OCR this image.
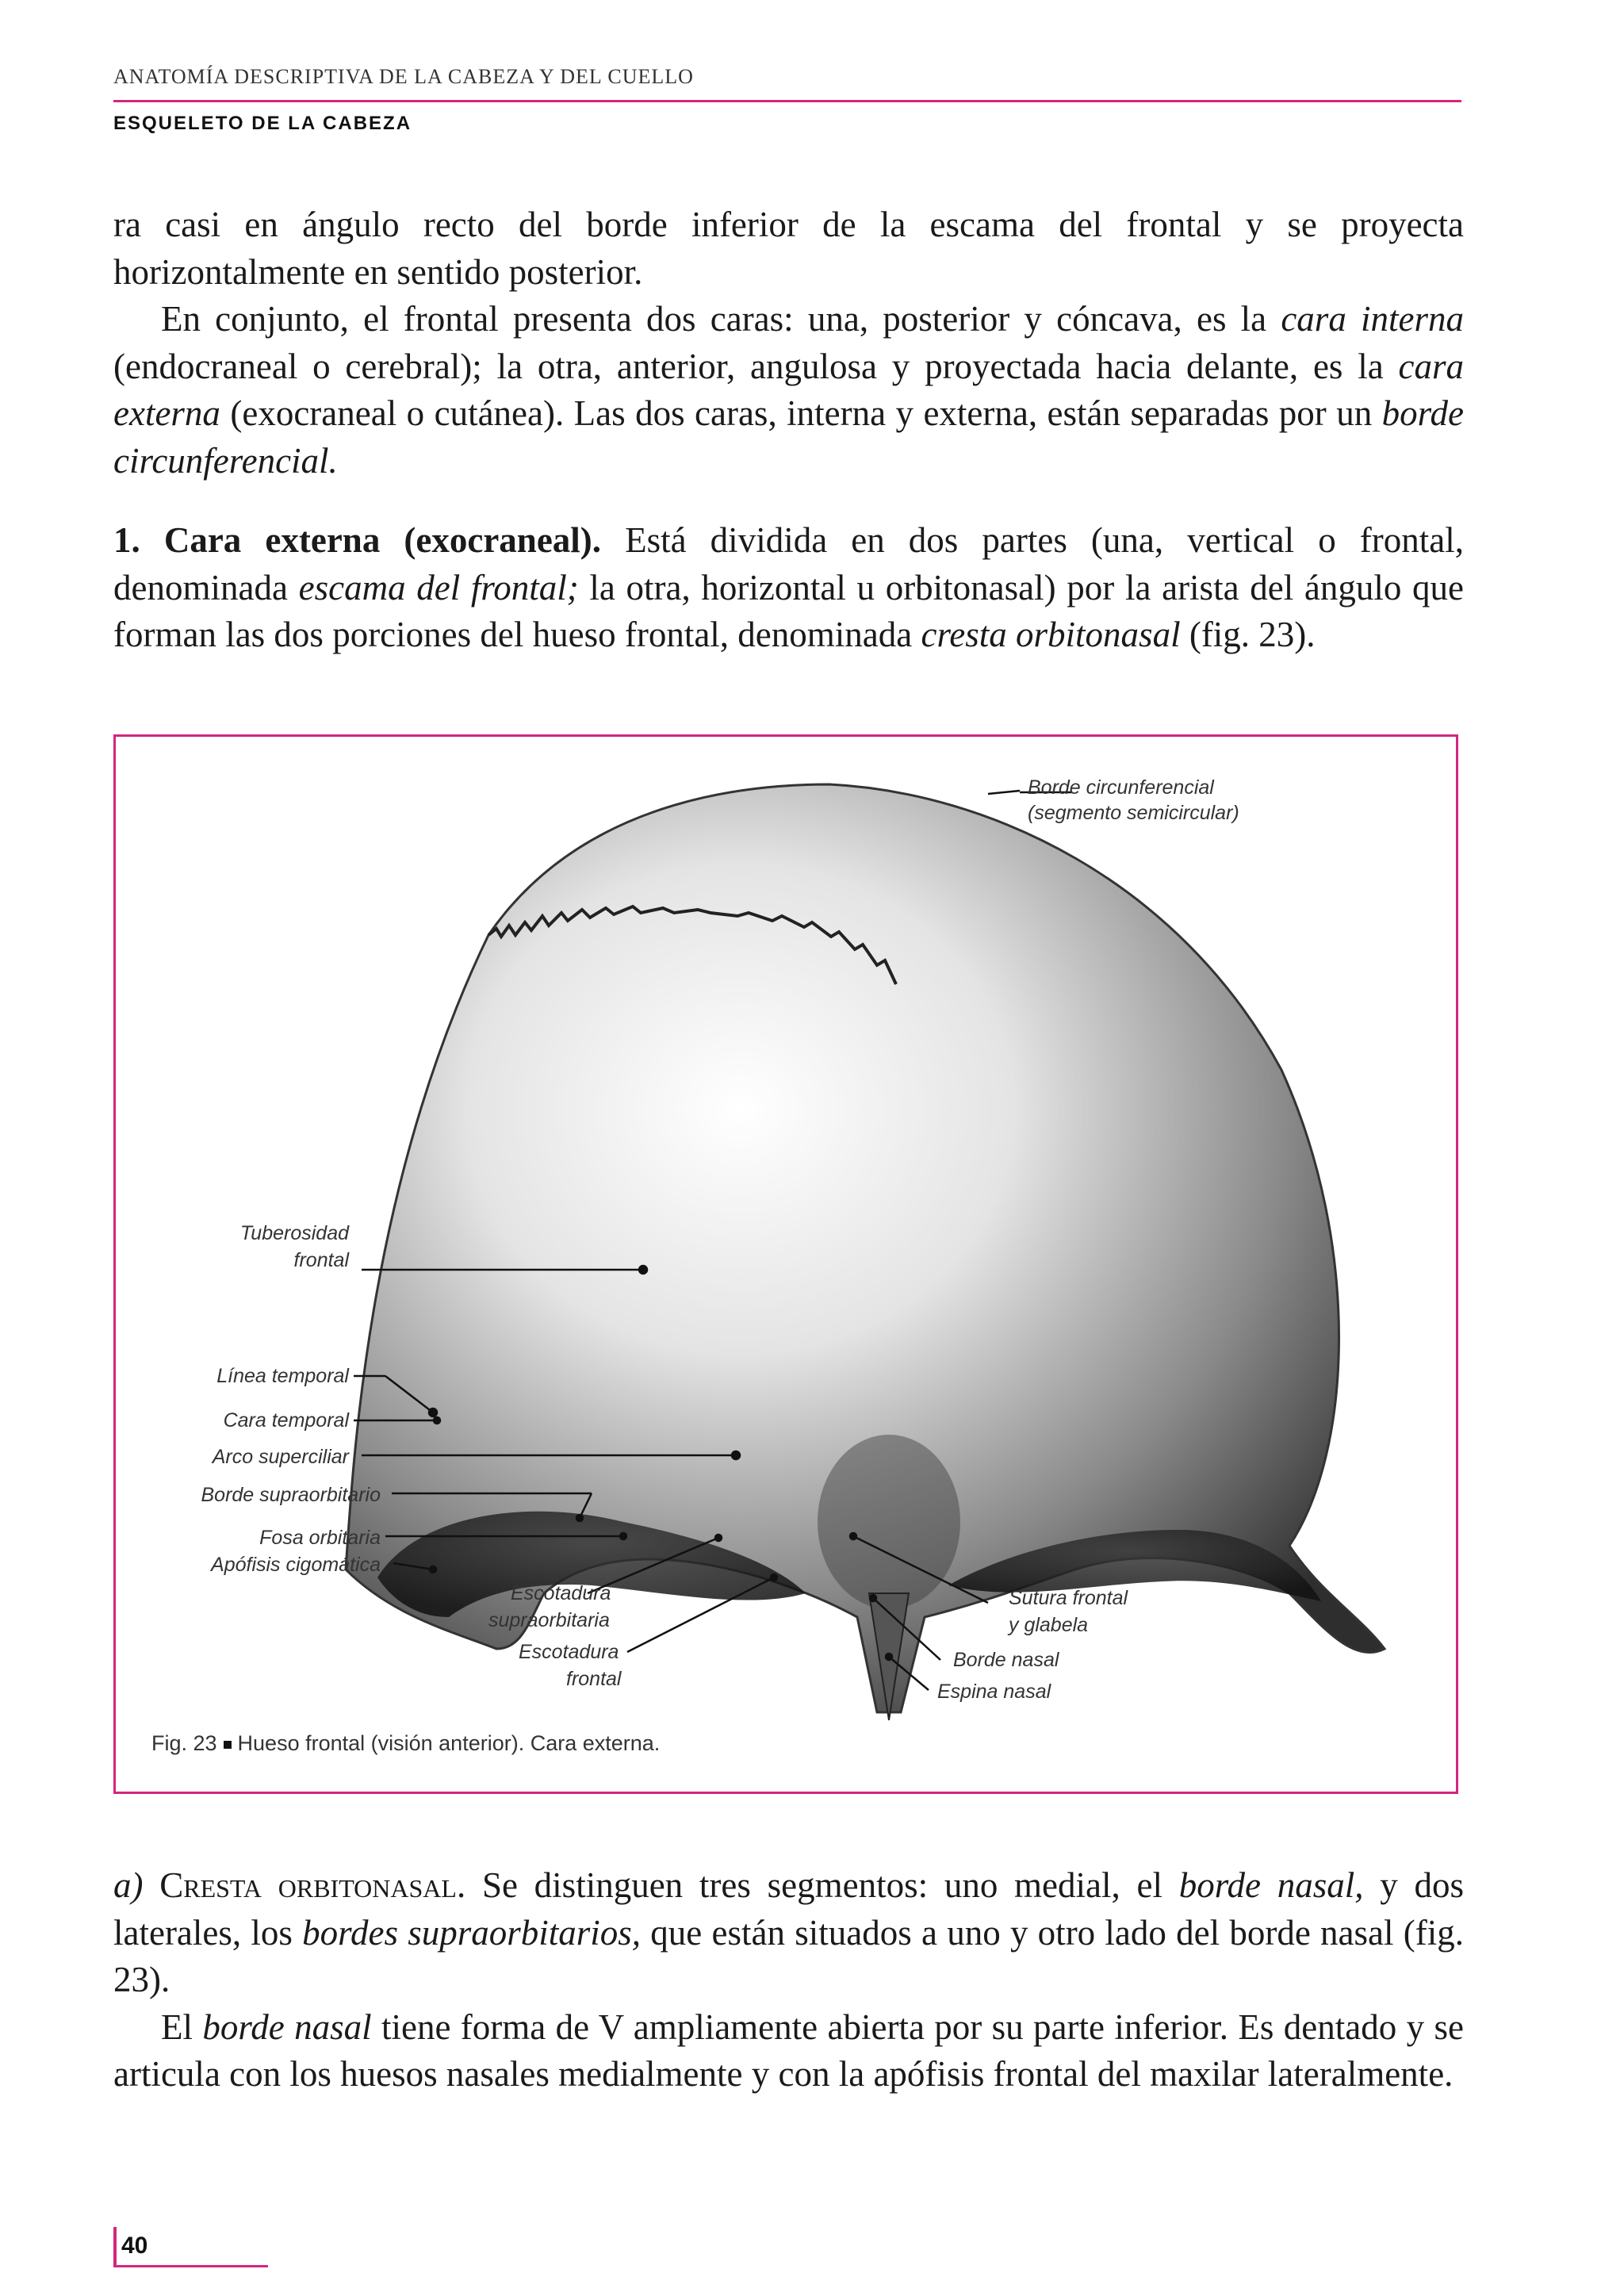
ANATOMÍA DESCRIPTIVA DE LA CABEZA Y DEL CUELLO
ESQUELETO DE LA CABEZA

ra casi en ángulo recto del borde inferior de la escama del frontal y se proyecta horizontalmente en sentido posterior.

En conjunto, el frontal presenta dos caras: una, posterior y cóncava, es la cara interna (endocraneal o cerebral); la otra, anterior, angulosa y proyectada hacia delante, es la cara externa (exocraneal o cutánea). Las dos caras, interna y externa, están separadas por un borde circunferencial.

1. Cara externa (exocraneal). Está dividida en dos partes (una, vertical o frontal, denominada escama del frontal; la otra, horizontal u orbitonasal) por la arista del ángulo que forman las dos porciones del hueso frontal, denominada cresta orbitonasal (fig. 23).

Borde circunferencial
(segmento semicircular)
Tuberosidad
frontal
Línea temporal
Cara temporal
Arco superciliar
Borde supraorbitario
Fosa orbitaria
Apófisis cigomática
Escotadura
supraorbitaria
Escotadura
frontal
Sutura frontal
y glabela
Borde nasal
Espina nasal
Fig. 23 Hueso frontal (visión anterior). Cara externa.

a) Cresta orbitonasal. Se distinguen tres segmentos: uno medial, el borde nasal, y dos laterales, los bordes supraorbitarios, que están situados a uno y otro lado del borde nasal (fig. 23).

El borde nasal tiene forma de V ampliamente abierta por su parte inferior. Es dentado y se articula con los huesos nasales medialmente y con la apófisis frontal del maxilar lateralmente.

40
